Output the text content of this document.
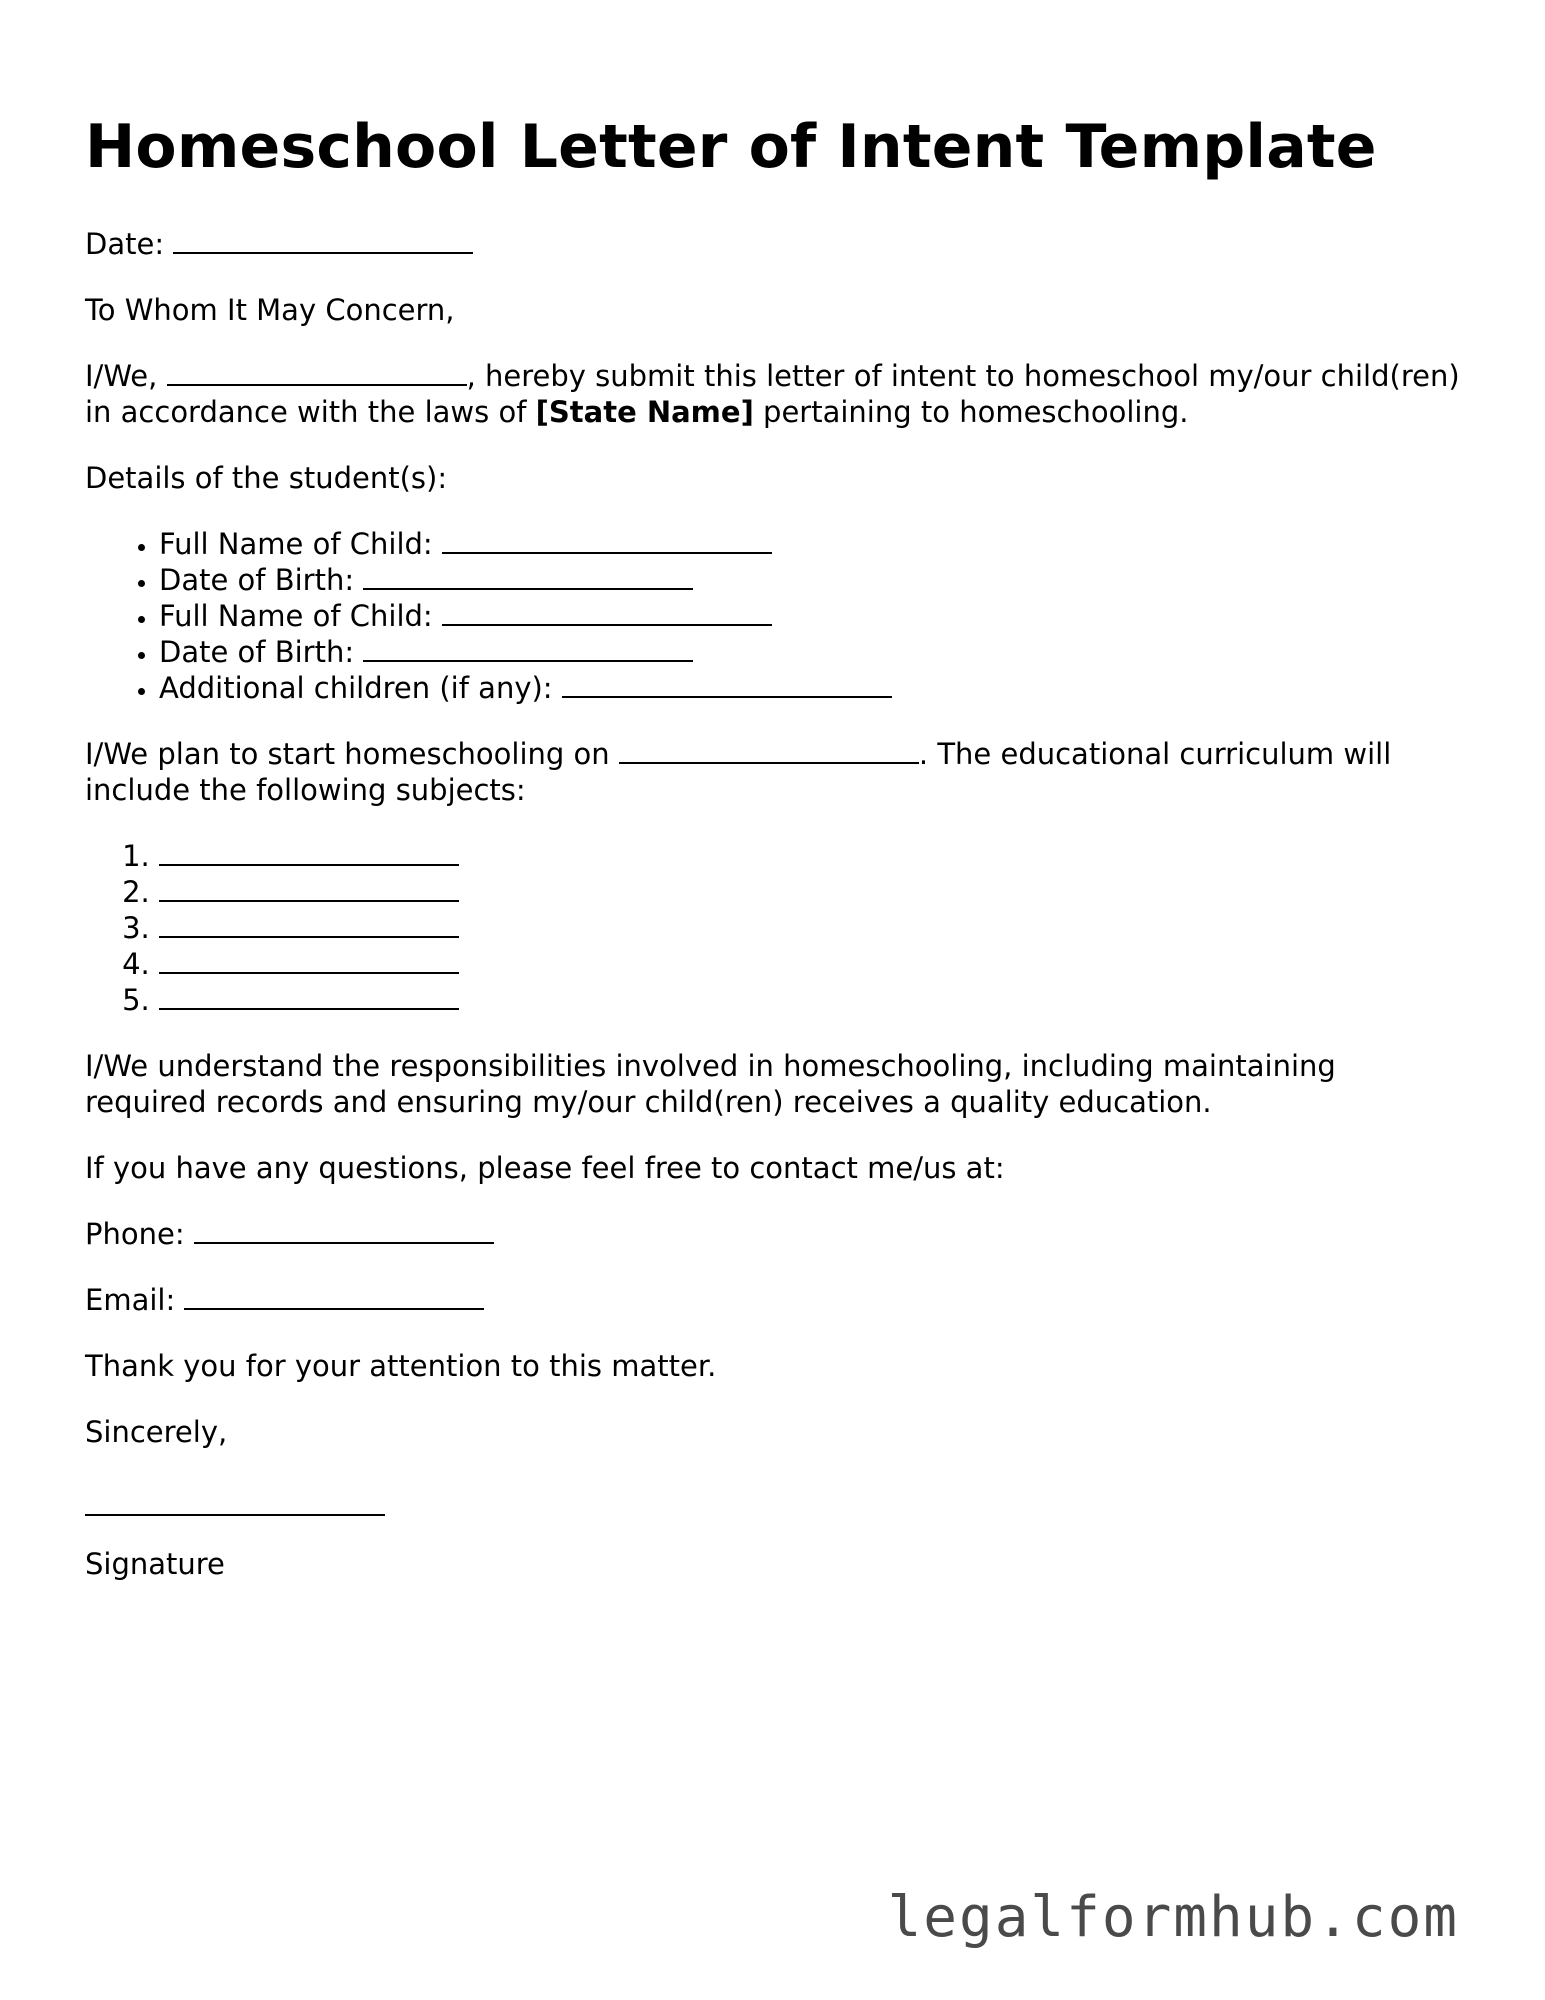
Homeschool Letter of Intent Template

Date:

To Whom It May Concern,

I/We,	, hereby submit this letter of intent to homeschool my/our child(ren) in accordance with the laws of [State Name] pertaining to homeschooling.

Details of the student(s):

• Full Name of Child:
• Date of Birth:
• Full Name of Child:
• Date of Birth:
• Additional children (if any):

I/We plan to start homeschooling on	. The educational curriculum will include the following subjects:

1.
2.
3.
4.
5.

I/We understand the responsibilities involved in homeschooling, including maintaining required records and ensuring my/our child(ren) receives a quality education.

If you have any questions, please feel free to contact me/us at:

Phone:

Email:

Thank you for your attention to this matter.

Sincerely,

Signature

legalformhub.com
